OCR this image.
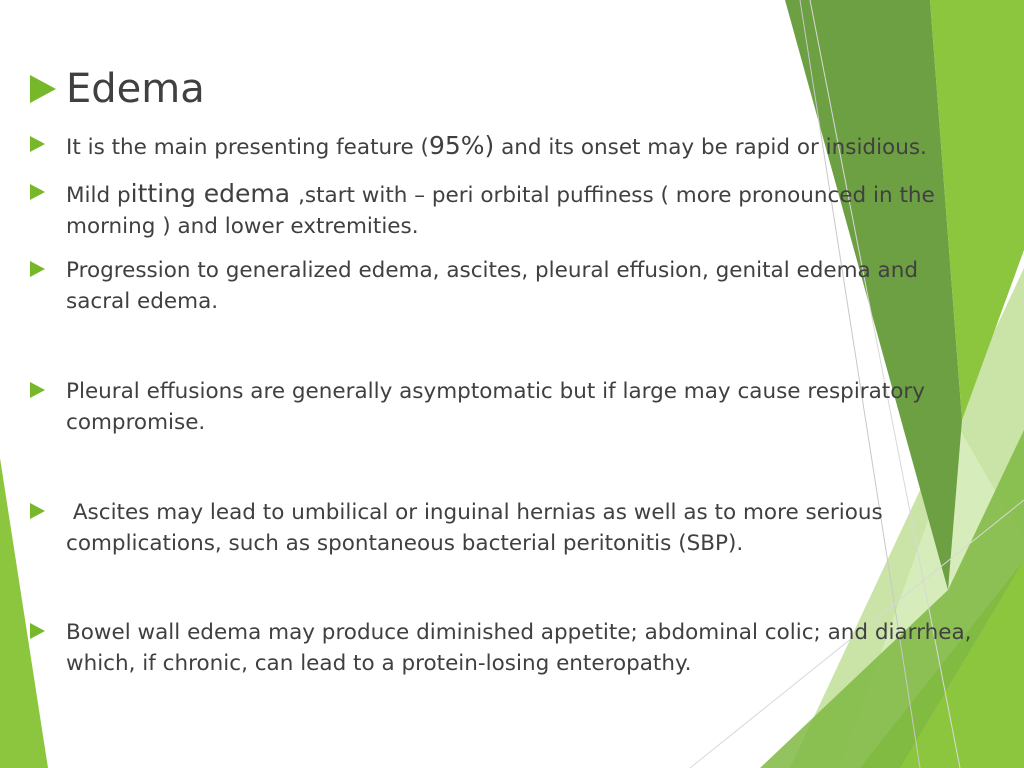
Edema
It is the main presenting feature (95%) and its onset may be rapid or insidious.
Mild pitting edema ,start with – peri orbital puffiness ( more pronounced in the morning ) and lower extremities.
Progression to generalized edema, ascites, pleural effusion, genital edema and sacral edema.
Pleural effusions are generally asymptomatic but if large may cause respiratory compromise.
Ascites may lead to umbilical or inguinal hernias as well as to more serious complications, such as spontaneous bacterial peritonitis (SBP).
Bowel wall edema may produce diminished appetite; abdominal colic; and diarrhea, which, if chronic, can lead to a protein-losing enteropathy.
